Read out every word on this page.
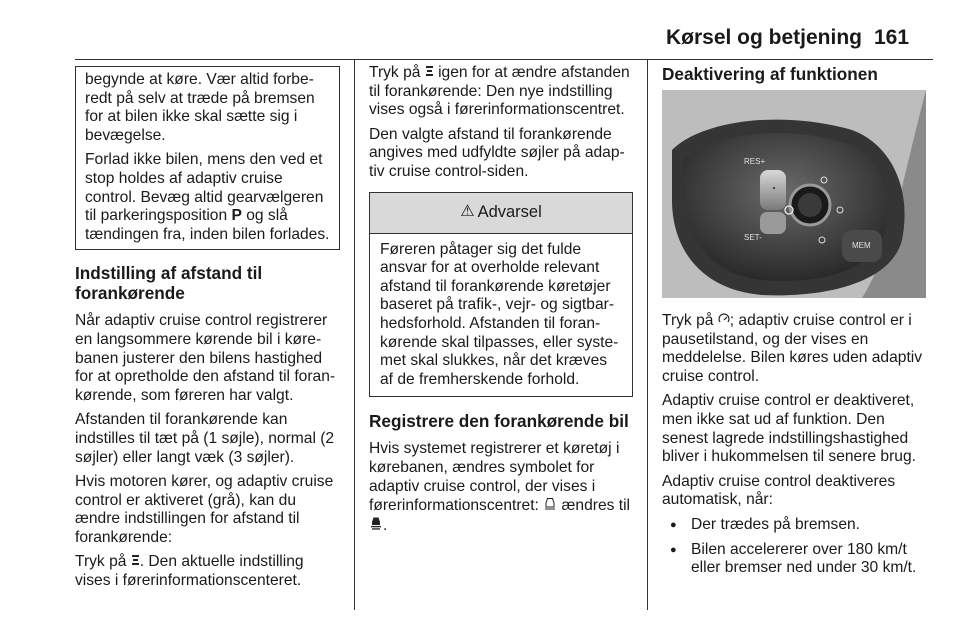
Kørsel og betjening 161

begynde at køre. Vær altid forberedt på selv at træde på bremsen for at bilen ikke skal sætte sig i bevægelse.

Forlad ikke bilen, mens den ved et stop holdes af adaptiv cruise control. Bevæg altid gearvælgeren til parkeringsposition P og slå tændingen fra, inden bilen forlades.

Indstilling af afstand til forankørende

Når adaptiv cruise control registrerer en langsommere kørende bil i kørebanen justerer den bilens hastighed for at opretholde den afstand til forankørende, som føreren har valgt.

Afstanden til forankørende kan indstilles til tæt på (1 søjle), normal (2 søjler) eller langt væk (3 søjler).

Hvis motoren kører, og adaptiv cruise control er aktiveret (grå), kan du ændre indstillingen for afstand til forankørende:

Tryk på . Den aktuelle indstilling vises i førerinformationscenteret.

Tryk på  igen for at ændre afstanden til forankørende: Den nye indstilling vises også i førerinformationscentret.

Den valgte afstand til forankørende angives med udfyldte søjler på adaptiv cruise control-siden.

⚠ Advarsel
Føreren påtager sig det fulde ansvar for at overholde relevant afstand til forankørende køretøjer baseret på trafik-, vejr- og sigtbarhedsforhold. Afstanden til forankørende skal tilpasses, eller systemet skal slukkes, når det kræves af de fremherskende forhold.
Registrere den forankørende bil

Hvis systemet registrerer et køretøj i kørebanen, ændres symbolet for adaptiv cruise control, der vises i førerinformationscentret:  ændres til .

Deaktivering af funktionen
RES+
SET-
MEM

Tryk på ; adaptiv cruise control er i pausetilstand, og der vises en meddelelse. Bilen køres uden adaptiv cruise control.

Adaptiv cruise control er deaktiveret, men ikke sat ud af funktion. Den senest lagrede indstillingshastighed bliver i hukommelsen til senere brug.

Adaptiv cruise control deaktiveres automatisk, når:

● Der trædes på bremsen.
● Bilen accelererer over 180 km/t eller bremser ned under 30 km/t.
